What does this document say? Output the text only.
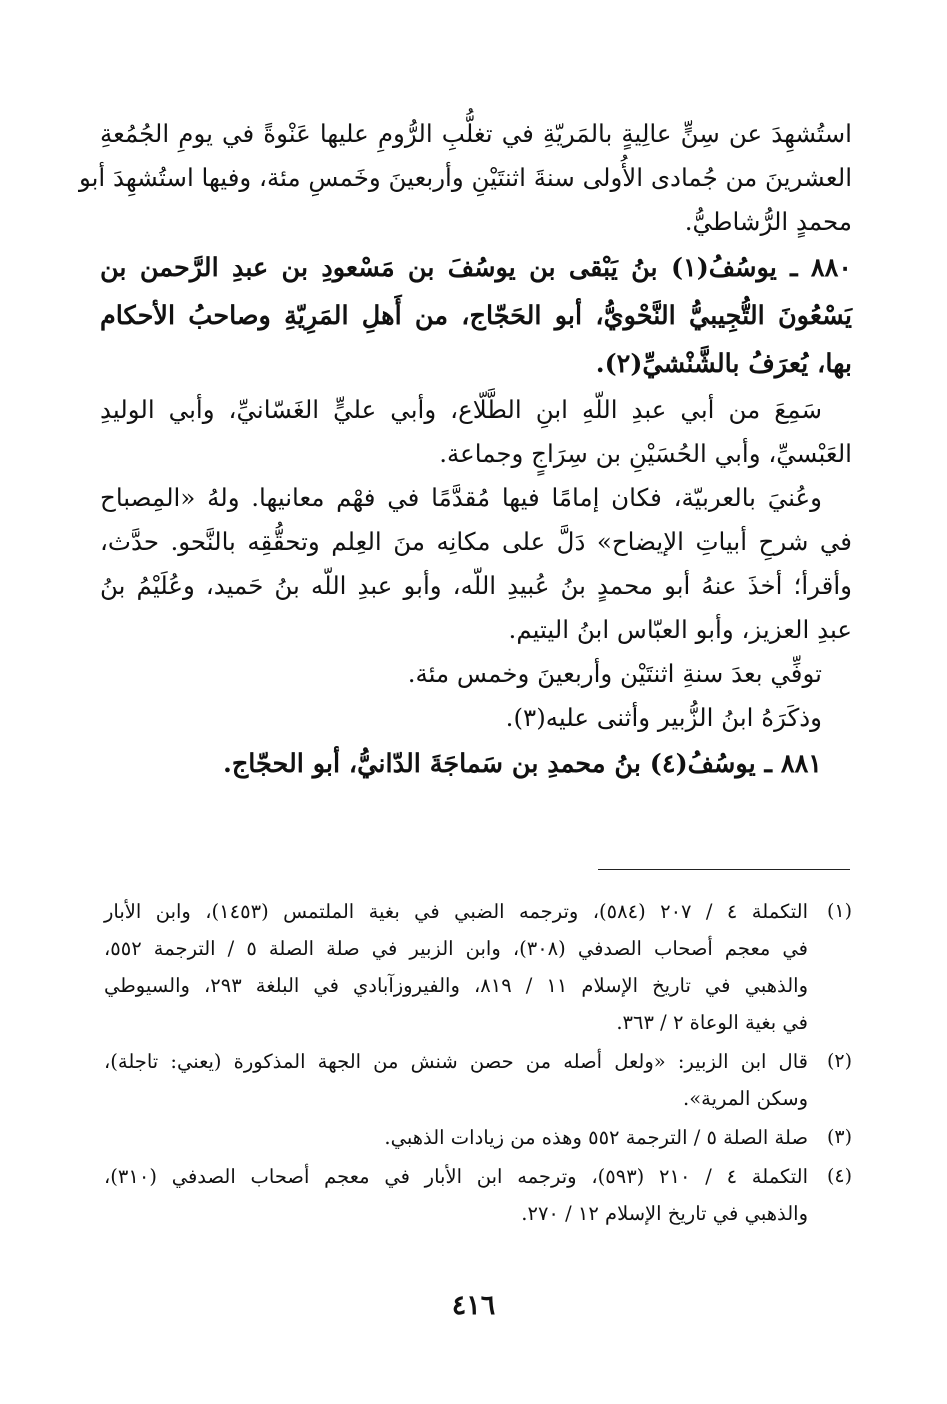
استُشهِدَ عن سِنٍّ عالِيةٍ بالمَريّةِ في تغلُّبِ الرُّومِ عليها عَنْوةً في يومِ الجُمُعةِ
العشرينَ من جُمادى الأُولى سنةَ اثنتَيْنِ وأربعينَ وخَمسِ مئة، وفيها استُشهِدَ أبو
محمدٍ الرُّشاطيُّ.
٨٨٠ ـ يوسُفُ(١) بنُ يَبْقى بن يوسُفَ بن مَسْعودِ بن عبدِ الرَّحمن بن
يَسْعُونَ التُّجِيبيُّ النَّحْويُّ، أبو الحَجّاج، من أَهلِ المَرِيّةِ وصاحبُ الأحكام
بها، يُعرَفُ بالشَّنْشيِّ(٢).
سَمِعَ من أبي عبدِ اللّهِ ابنِ الطَّلّاع، وأبي عليٍّ الغَسّانيِّ، وأبي الوليدِ
العَبْسيِّ، وأبي الحُسَيْنِ بن سِرَاجٍ وجماعة.
وعُنيَ بالعربيّة، فكان إمامًا فيها مُقدَّمًا في فهْم معانيها. ولهُ «المِصباح
في شرحِ أبياتِ الإيضاح» دَلَّ على مكانِه منَ العِلم وتحقُّقِه بالنَّحو. حدَّث،
وأقرأ؛ أخذَ عنهُ أبو محمدٍ بنُ عُبيدِ اللّه، وأبو عبدِ اللّه بنُ حَميد، وعُلَيْمُ بنُ
عبدِ العزيز، وأبو العبّاس ابنُ اليتيم.
توفِّي بعدَ سنةِ اثنتَيْن وأربعينَ وخمس مئة.
وذكَرَهُ ابنُ الزُّبير وأثنى عليه(٣).
٨٨١ ـ يوسُفُ(٤) بنُ محمدِ بن سَماجَةَ الدّانيُّ، أبو الحجّاج.
(١)
التكملة ٤ / ٢٠٧ (٥٨٤)، وترجمه الضبي في بغية الملتمس (١٤٥٣)، وابن الأبار
في معجم أصحاب الصدفي (٣٠٨)، وابن الزبير في صلة الصلة ٥ / الترجمة ٥٥٢،
والذهبي في تاريخ الإسلام ١١ / ٨١٩، والفيروزآبادي في البلغة ٢٩٣، والسيوطي
في بغية الوعاة ٢ / ٣٦٣.
(٢)
قال ابن الزبير: «ولعل أصله من حصن شنش من الجهة المذكورة (يعني: تاجلة)،
وسكن المرية».
(٣)
صلة الصلة ٥ / الترجمة ٥٥٢ وهذه من زيادات الذهبي.
(٤)
التكملة ٤ / ٢١٠ (٥٩٣)، وترجمه ابن الأبار في معجم أصحاب الصدفي (٣١٠)،
والذهبي في تاريخ الإسلام ١٢ / ٢٧٠.
٤١٦
